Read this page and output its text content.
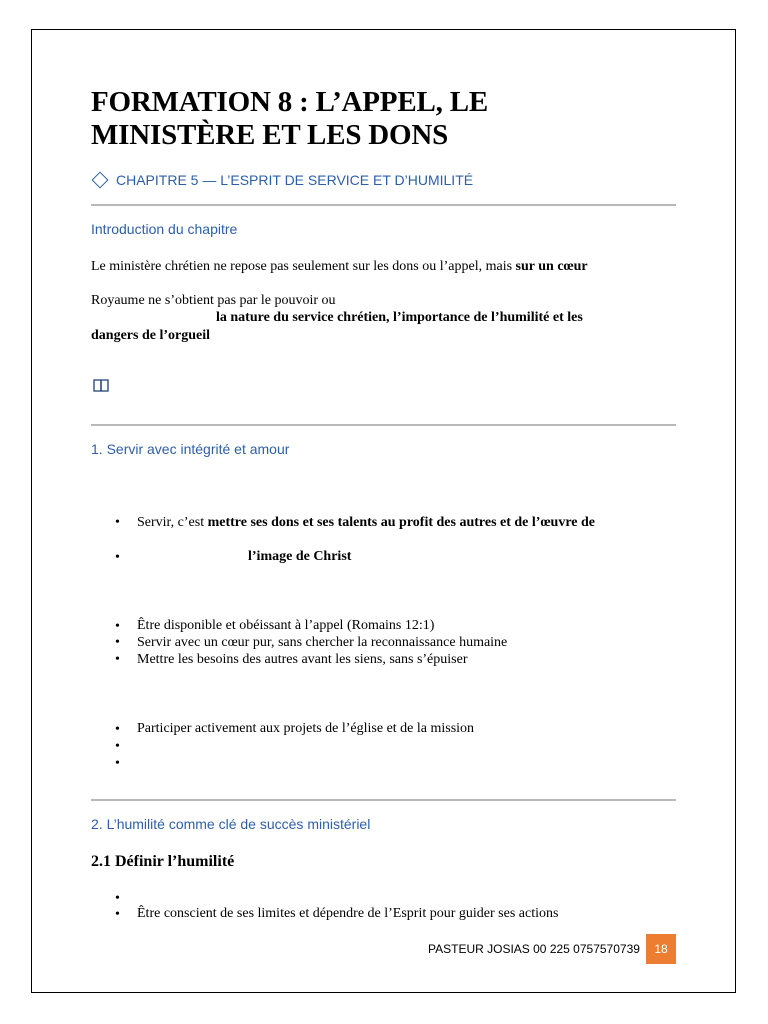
FORMATION 8 : L’APPEL, LE
MINISTÈRE ET LES DONS
CHAPITRE 5 — L’ESPRIT DE SERVICE ET D’HUMILITÉ
Introduction du chapitre
Le ministère chrétien ne repose pas seulement sur les dons ou l’appel, mais sur un cœur
Royaume ne s’obtient pas par le pouvoir ou
la nature du service chrétien, l’importance de l’humilité et les
dangers de l’orgueil
1. Servir avec intégrité et amour
• Servir, c’est mettre ses dons et ses talents au profit des autres et de l’œuvre de
•	l’image de Christ
• Être disponible et obéissant à l’appel (Romains 12:1)
• Servir avec un cœur pur, sans chercher la reconnaissance humaine
• Mettre les besoins des autres avant les siens, sans s’épuiser
• Participer activement aux projets de l’église et de la mission
•
•
2. L’humilité comme clé de succès ministériel
2.1 Définir l’humilité
•
• Être conscient de ses limites et dépendre de l’Esprit pour guider ses actions
PASTEUR JOSIAS 00 225 0757570739	18
